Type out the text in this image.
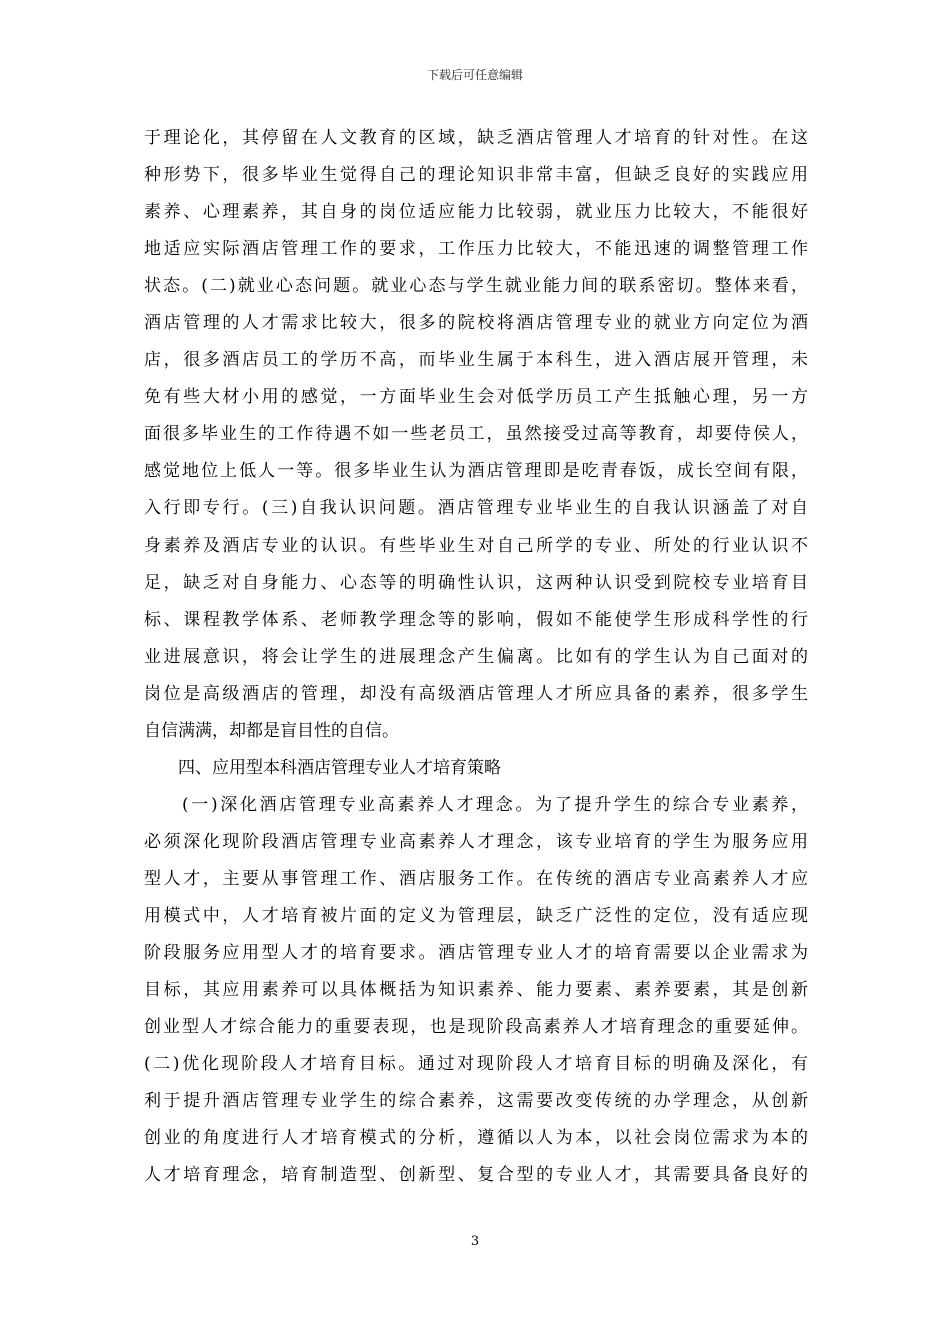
下载后可任意编辑
于理论化，其停留在人文教育的区域，缺乏酒店管理人才培育的针对性。在这
种形势下，很多毕业生觉得自己的理论知识非常丰富，但缺乏良好的实践应用
素养、心理素养，其自身的岗位适应能力比较弱，就业压力比较大，不能很好
地适应实际酒店管理工作的要求，工作压力比较大，不能迅速的调整管理工作
状态。(二)就业心态问题。就业心态与学生就业能力间的联系密切。整体来看，
酒店管理的人才需求比较大，很多的院校将酒店管理专业的就业方向定位为酒
店，很多酒店员工的学历不高，而毕业生属于本科生，进入酒店展开管理，未
免有些大材小用的感觉，一方面毕业生会对低学历员工产生抵触心理，另一方
面很多毕业生的工作待遇不如一些老员工，虽然接受过高等教育，却要侍侯人，
感觉地位上低人一等。很多毕业生认为酒店管理即是吃青春饭，成长空间有限，
入行即专行。(三)自我认识问题。酒店管理专业毕业生的自我认识涵盖了对自
身素养及酒店专业的认识。有些毕业生对自己所学的专业、所处的行业认识不
足，缺乏对自身能力、心态等的明确性认识，这两种认识受到院校专业培育目
标、课程教学体系、老师教学理念等的影响，假如不能使学生形成科学性的行
业进展意识，将会让学生的进展理念产生偏离。比如有的学生认为自己面对的
岗位是高级酒店的管理，却没有高级酒店管理人才所应具备的素养，很多学生
自信满满，却都是盲目性的自信。
四、应用型本科酒店管理专业人才培育策略
(一)深化酒店管理专业高素养人才理念。为了提升学生的综合专业素养，
必须深化现阶段酒店管理专业高素养人才理念，该专业培育的学生为服务应用
型人才，主要从事管理工作、酒店服务工作。在传统的酒店专业高素养人才应
用模式中，人才培育被片面的定义为管理层，缺乏广泛性的定位，没有适应现
阶段服务应用型人才的培育要求。酒店管理专业人才的培育需要以企业需求为
目标，其应用素养可以具体概括为知识素养、能力要素、素养要素，其是创新
创业型人才综合能力的重要表现，也是现阶段高素养人才培育理念的重要延伸。
(二)优化现阶段人才培育目标。通过对现阶段人才培育目标的明确及深化，有
利于提升酒店管理专业学生的综合素养，这需要改变传统的办学理念，从创新
创业的角度进行人才培育模式的分析，遵循以人为本，以社会岗位需求为本的
人才培育理念，培育制造型、创新型、复合型的专业人才，其需要具备良好的
3
